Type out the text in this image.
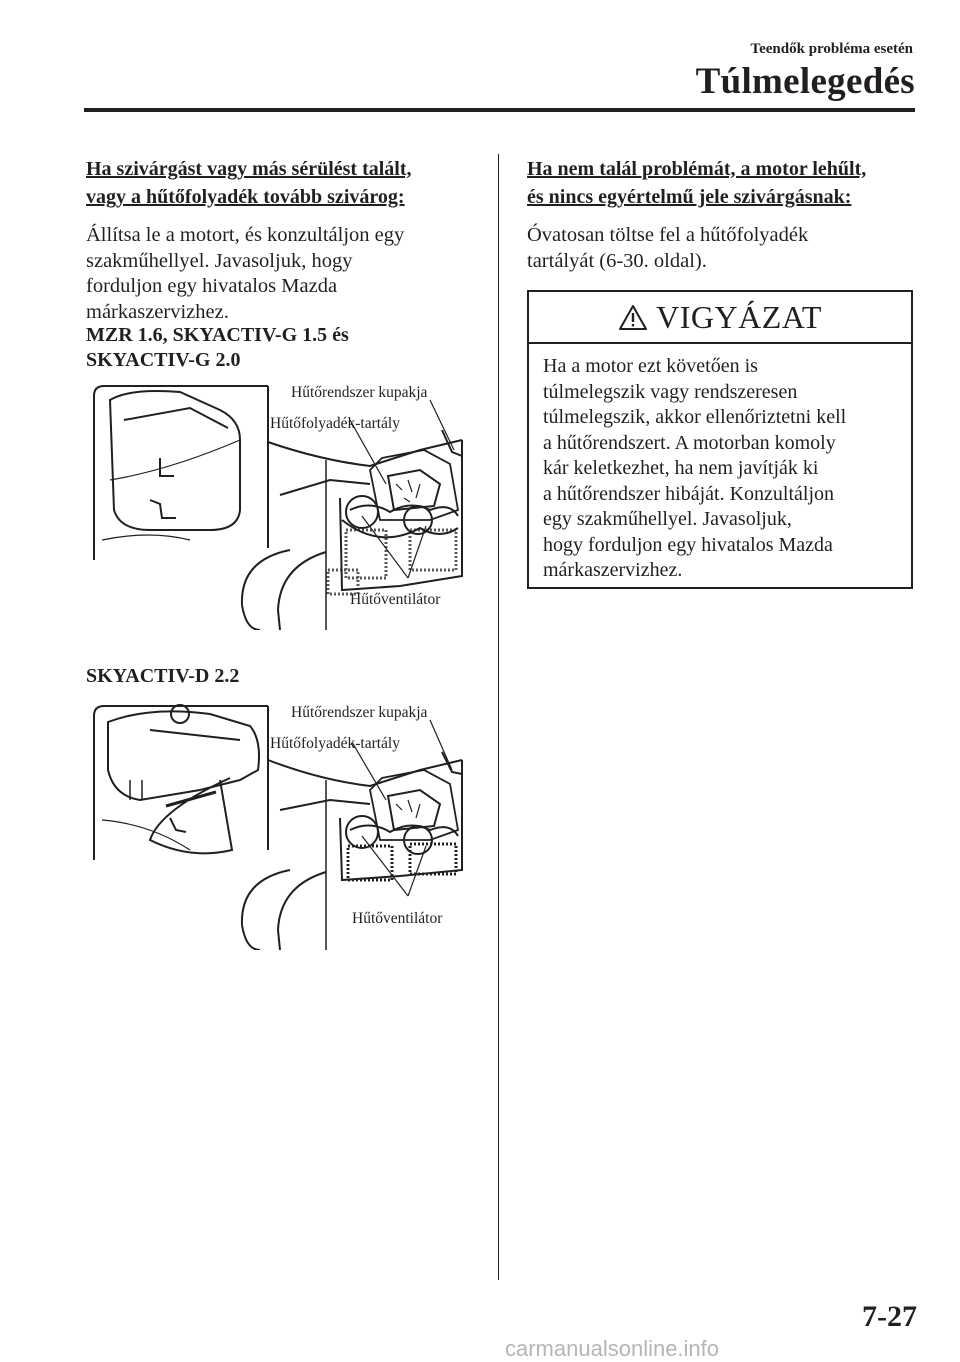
Teendők probléma esetén
Túlmelegedés
Ha szivárgást vagy más sérülést talált,
vagy a hűtőfolyadék tovább szivárog:
Állítsa le a motort, és konzultáljon egy
szakműhellyel. Javasoljuk, hogy
forduljon egy hivatalos Mazda
márkaszervizhez.
MZR 1.6, SKYACTIV-G 1.5 és
SKYACTIV-G 2.0
Hűtőrendszer kupakja
Hűtőfolyadék-tartály
Hűtőventilátor
SKYACTIV-D 2.2
Hűtőrendszer kupakja
Hűtőfolyadék-tartály
Hűtőventilátor
Ha nem talál problémát, a motor lehűlt,
és nincs egyértelmű jele szivárgásnak:
Óvatosan töltse fel a hűtőfolyadék
tartályát (6-30. oldal).
VIGYÁZAT
Ha a motor ezt követően is
túlmelegszik vagy rendszeresen
túlmelegszik, akkor ellenőriztetni kell
a hűtőrendszert. A motorban komoly
kár keletkezhet, ha nem javítják ki
a hűtőrendszer hibáját. Konzultáljon
egy szakműhellyel. Javasoljuk,
hogy forduljon egy hivatalos Mazda
márkaszervizhez.
7-27
carmanualsonline.info
